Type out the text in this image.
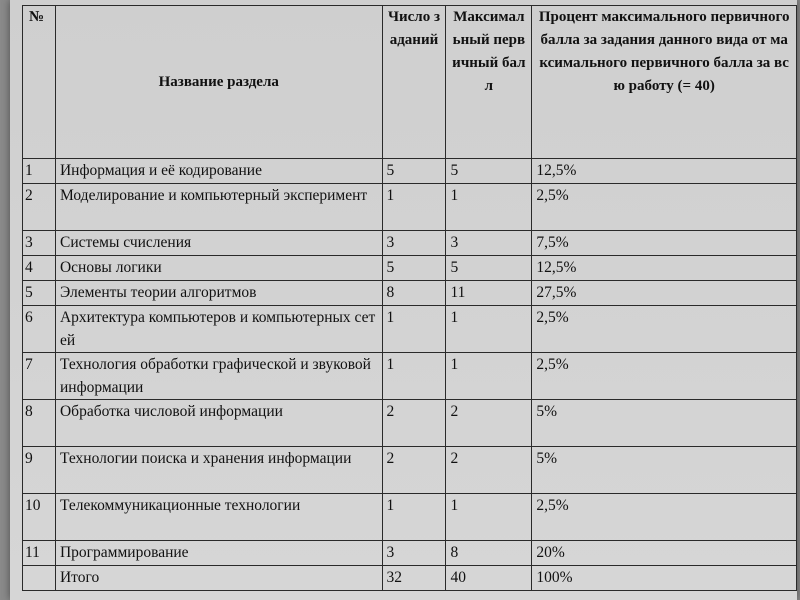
№	Название раздела	Число заданий	Максимальный первичный балл	Процент максимального первичного балла за задания данного вида от максимального первичного балла за всю работу (= 40)
1	Информация и её кодирование	5	5	12,5%
2	Моделирование и компьютерный эксперимент	1	1	2,5%
3	Системы счисления	3	3	7,5%
4	Основы логики	5	5	12,5%
5	Элементы теории алгоритмов	8	11	27,5%
6	Архитектура компьютеров и компьютерных сетей	1	1	2,5%
7	Технология обработки графической и звуковой информации	1	1	2,5%
8	Обработка числовой информации	2	2	5%
9	Технологии поиска и хранения информации	2	2	5%
10	Телекоммуникационные технологии	1	1	2,5%
11	Программирование	3	8	20%
	Итого	32	40	100%
